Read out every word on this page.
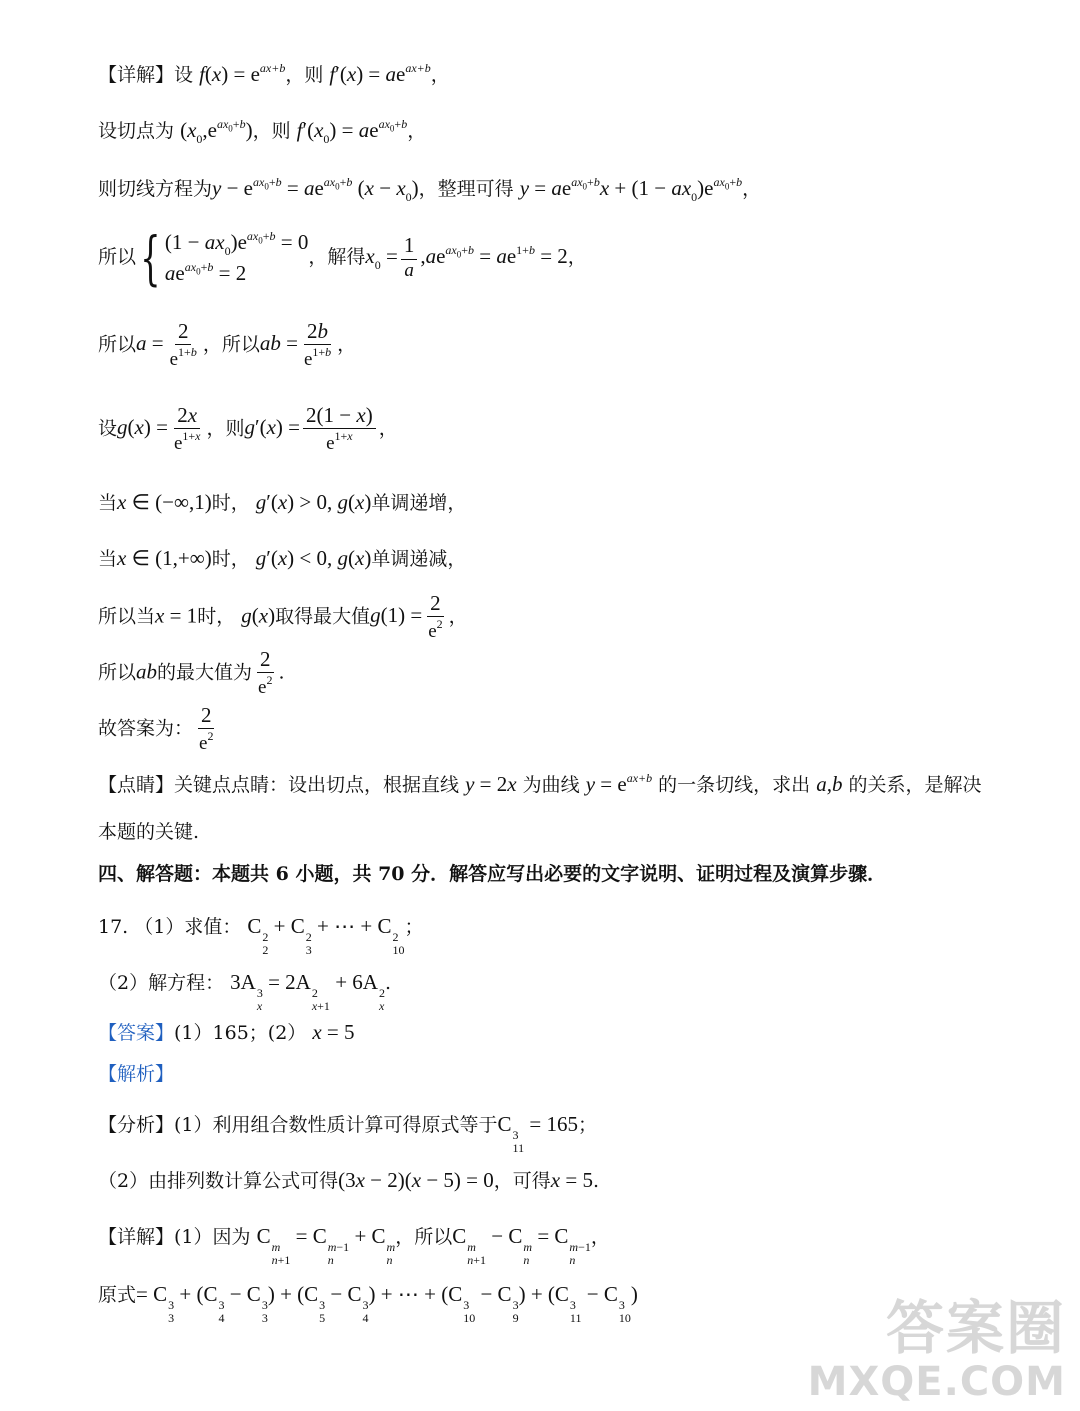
【详解】设 $f(x) = e^{ax+b}$，则 $f'(x) = ae^{ax+b}$，
设切点为 $(x_0,e^{ax_0+b})$，则 $f'(x_0) = ae^{ax_0+b}$，
则切线方程为$y - e^{ax_0+b} = ae^{ax_0+b}$ $(x - x_0)$，整理可得 $y = ae^{ax_0+b}x + (1 - ax_0)e^{ax_0+b}$，
所以{ $(1 - ax_0)e^{ax_0+b} = 0$
$ae^{ax_0+b} = 2$
，解得$x_0 = \frac{1}{a} ,ae^{ax_0+b} = ae^{1+b} = 2$，
所以$a = \frac{2}{e^{1+b}}$ ，所以ab = $\frac{2b}{e^{1+b}}$ ，
设$g(x) = \frac{2x}{e^{1+x}}$ ，则$g'(x) = \frac{2(1 - x)}{e^{1+x}}$ ，
当x ∈ (−∞,1)时， g′(x) > 0, g(x)单调递增，
当x ∈ (1,+∞)时， g′(x) < 0, g(x)单调递减，
所以当x = 1时， g(x)取得最大值$g(1) = \frac{2}{e^2}$ ，
所以ab的最大值为 $\frac{2}{e^2}$ .
故答案为： $\frac{2}{e^2}$
【点睛】关键点点睛：设出切点，根据直线 y = 2x 为曲线 $y = e^{ax+b}$ 的一条切线，求出 a,b 的关系，是解决
本题的关键.
四、解答题：本题共 6 小题，共 70 分．解答应写出必要的文字说明、证明过程及演算步骤．
17. （1）求值： C 2
2
+ C 2
3
+ ⋯ + C 2
10
；
（2）解方程： 3A 3
x
= 2A 2
x+1
+ 6A 2
x
.
【答案】(1）165；(2） x = 5
【解析】
【分析】(1）利用组合数性质计算可得原式等于C 3
11
= 165；
（2）由排列数计算公式可得(3x − 2)(x − 5) = 0，可得x = 5.
【详解】(1）因为 C m
n+1
= C m−1
n
+ C m
n
，所以C m
n+1
− C m
n
= C m−1
n
，
原式= C 3
3
+ (C 3
4
− C 3
3
) + (C 3
5
− C 3
4
) + ⋯ + (C 3
10
− C 3
9
) + (C 3
11
− C 3
10
)	答案圈
MXQE.COM
